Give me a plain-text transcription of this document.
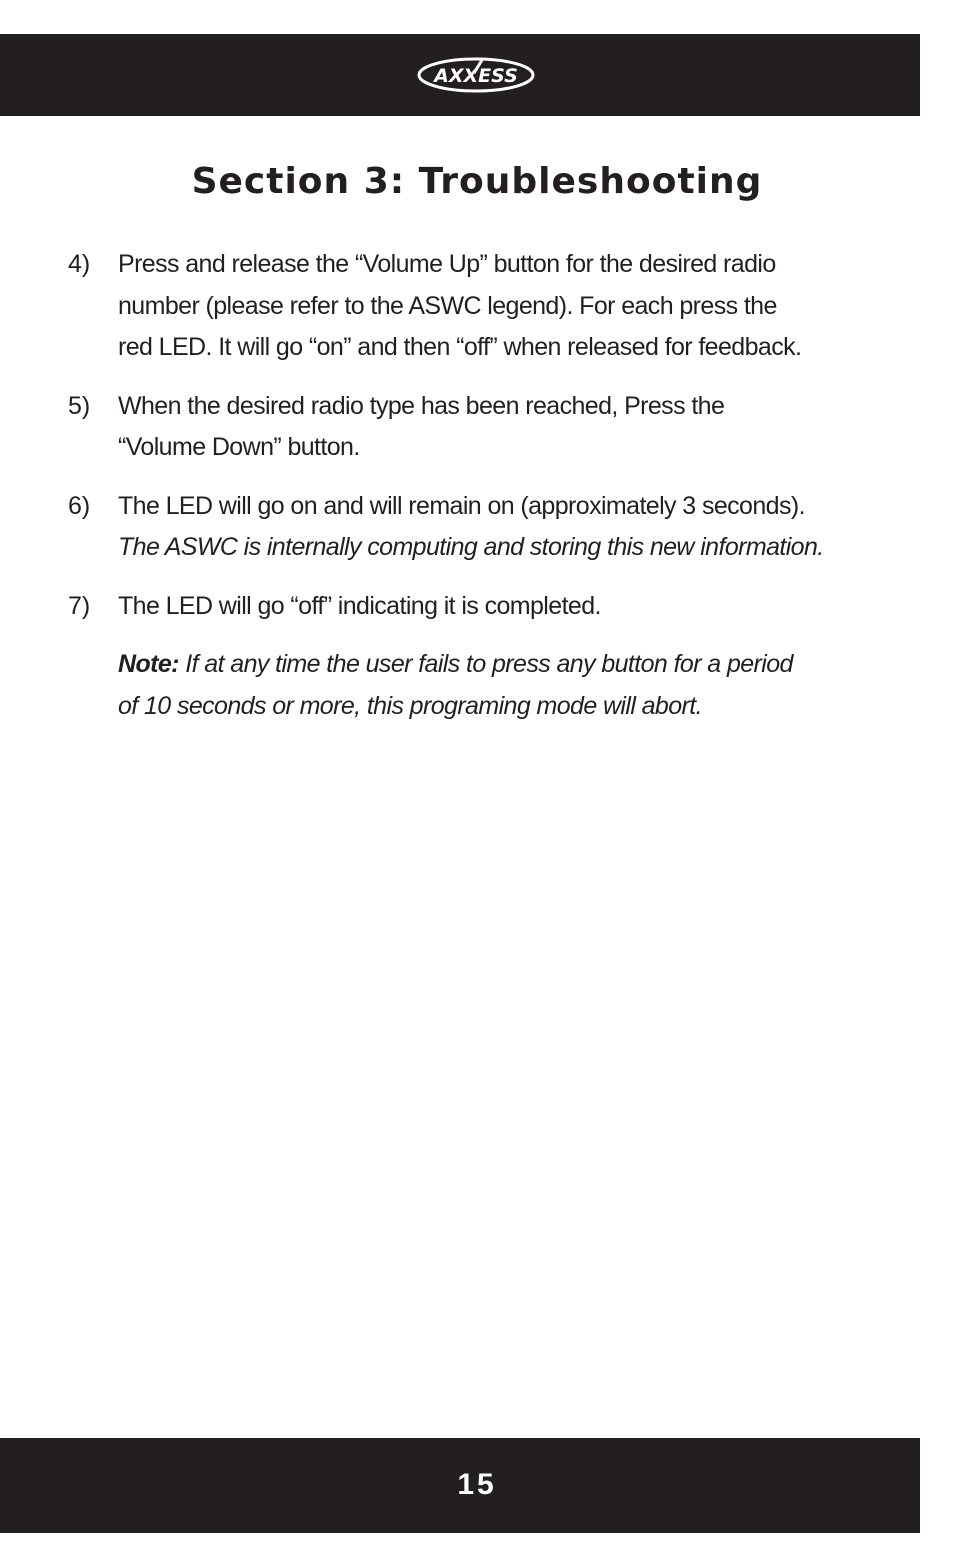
AXXESS
Section 3: Troubleshooting
4) Press and release the “Volume Up” button for the desired radio
number (please refer to the ASWC legend). For each press the
red LED. It will go “on” and then “off” when released for feedback.
5) When the desired radio type has been reached, Press the
“Volume Down” button.
6) The LED will go on and will remain on (approximately 3 seconds).
The ASWC is internally computing and storing this new information.
7) The LED will go “off” indicating it is completed.
Note: If at any time the user fails to press any button for a period
of 10 seconds or more, this programing mode will abort.
15
